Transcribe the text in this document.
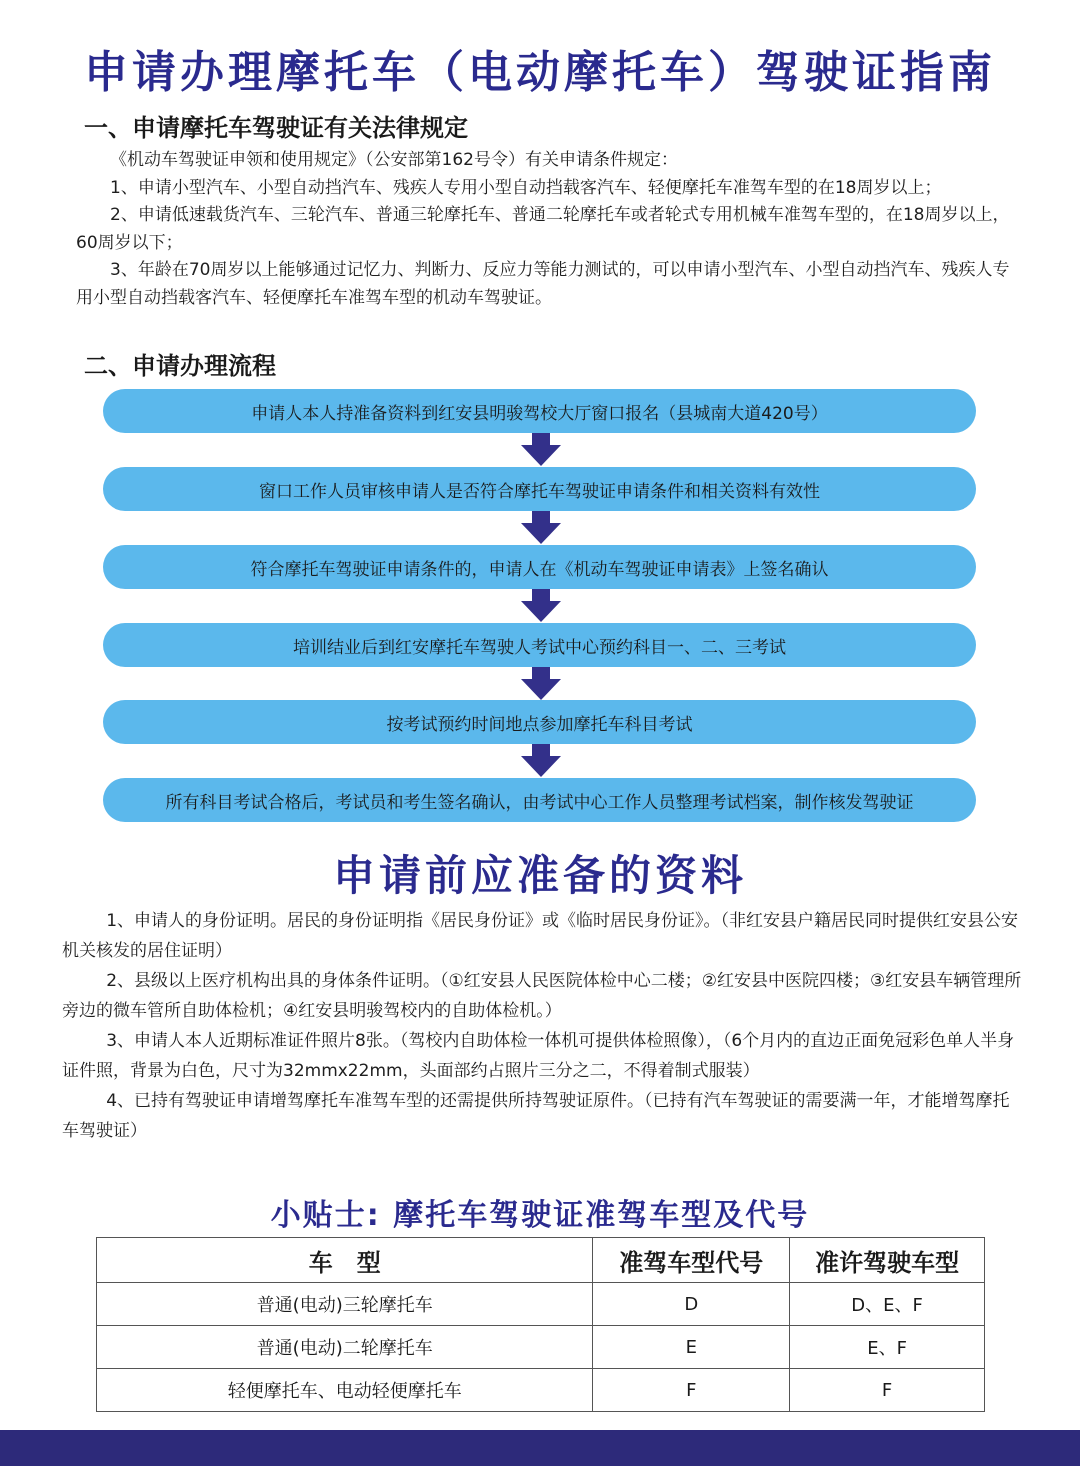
申请办理摩托车（电动摩托车）驾驶证指南
一、申请摩托车驾驶证有关法律规定

《机动车驾驶证申领和使用规定》（公安部第162号令）有关申请条件规定：

1、申请小型汽车、小型自动挡汽车、残疾人专用小型自动挡载客汽车、轻便摩托车准驾车型的在18周岁以上；

2、申请低速载货汽车、三轮汽车、普通三轮摩托车、普通二轮摩托车或者轮式专用机械车准驾车型的，在18周岁以上，60周岁以下；

3、年龄在70周岁以上能够通过记忆力、判断力、反应力等能力测试的，可以申请小型汽车、小型自动挡汽车、残疾人专用小型自动挡载客汽车、轻便摩托车准驾车型的机动车驾驶证。

二、申请办理流程
申请人本人持准备资料到红安县明骏驾校大厅窗口报名（县城南大道420号）
窗口工作人员审核申请人是否符合摩托车驾驶证申请条件和相关资料有效性
符合摩托车驾驶证申请条件的，申请人在《机动车驾驶证申请表》上签名确认
培训结业后到红安摩托车驾驶人考试中心预约科目一、二、三考试
按考试预约时间地点参加摩托车科目考试
所有科目考试合格后，考试员和考生签名确认，由考试中心工作人员整理考试档案，制作核发驾驶证
申请前应准备的资料

1、申请人的身份证明。居民的身份证明指《居民身份证》或《临时居民身份证》。（非红安县户籍居民同时提供红安县公安机关核发的居住证明）

2、县级以上医疗机构出具的身体条件证明。（①红安县人民医院体检中心二楼；②红安县中医院四楼；③红安县车辆管理所旁边的微车管所自助体检机；④红安县明骏驾校内的自助体检机。）

3、申请人本人近期标准证件照片8张。（驾校内自助体检一体机可提供体检照像），（6个月内的直边正面免冠彩色单人半身证件照，背景为白色，尺寸为32mmx22mm，头面部约占照片三分之二，不得着制式服装）

4、已持有驾驶证申请增驾摩托车准驾车型的还需提供所持驾驶证原件。（已持有汽车驾驶证的需要满一年，才能增驾摩托车驾驶证）

小贴士: 摩托车驾驶证准驾车型及代号
车　型	准驾车型代号	准许驾驶车型
普通(电动)三轮摩托车	D	D、E、F
普通(电动)二轮摩托车	E	E、F
轻便摩托车、电动轻便摩托车	F	F
